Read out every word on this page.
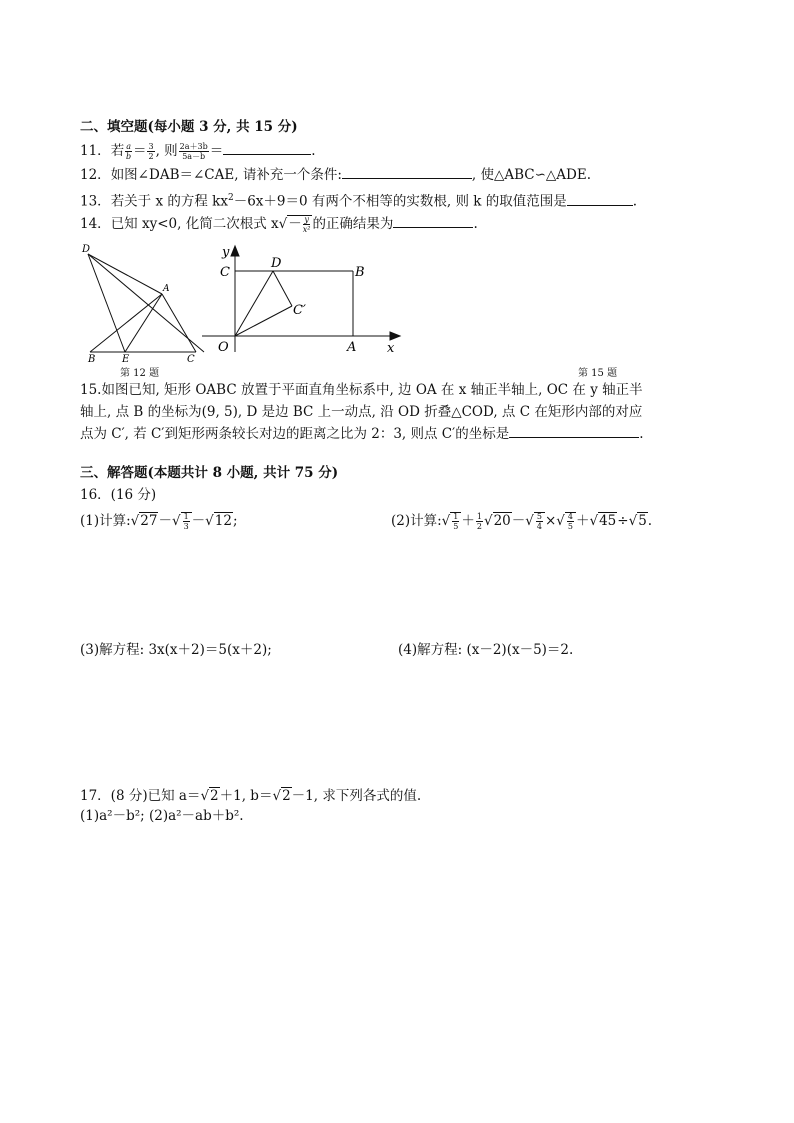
二、填空题(每小题 3 分, 共 15 分)
11．若 $\frac{a}{b} = \frac{3}{2}$ , 则 $\frac{2a+3b}{5a-b}$ ＝	.
12．如图∠DAB＝∠CAE, 请补充一个条件:	, 使△ABC∽△ADE.
13．若关于 x 的方程 $kx^2-6x+9=0$ 有两个不相等的实数根, 则 k 的取值范围是	.
14．已知 xy<0, 化简二次根式 $x√ - \frac{y}{\text{x²}}$ 的正确结果为	.
D
A
B	E	C
第 12 题
y
C
D
B
C′
O	A x
第 15 题
15.如图已知, 矩形 OABC 放置于平面直角坐标系中, 边 OA 在 x 轴正半轴上, OC 在 y 轴正半
轴上, 点 B 的坐标为(9, 5), D 是边 BC 上一动点, 沿 OD 折叠△COD, 点 C 在矩形内部的对应
点为 C′, 若 C′到矩形两条较长对边的距离之比为 2：3, 则点 C′的坐标是	.
三、解答题(本题共计 8 小题, 共计 75 分)
16．(16 分)
(1)计算:√ $27-√ \frac{1}{3}$ －√ 12;	(2)计算:√ $\frac{1}{5} + \frac{1}{2}$
√ $20-√ \frac{5}{4}$ ×√ $\frac{4}{5}$ ＋√ 45÷√ 5.
(3)解方程: 3x(x＋2)＝5(x＋2);	(4)解方程: (x－2)(x－5)＝2.
17．(8 分)已知 a＝√ 2＋1, b＝√ 2－1, 求下列各式的值.
(1)a²－b²; (2)a²－ab＋b².
